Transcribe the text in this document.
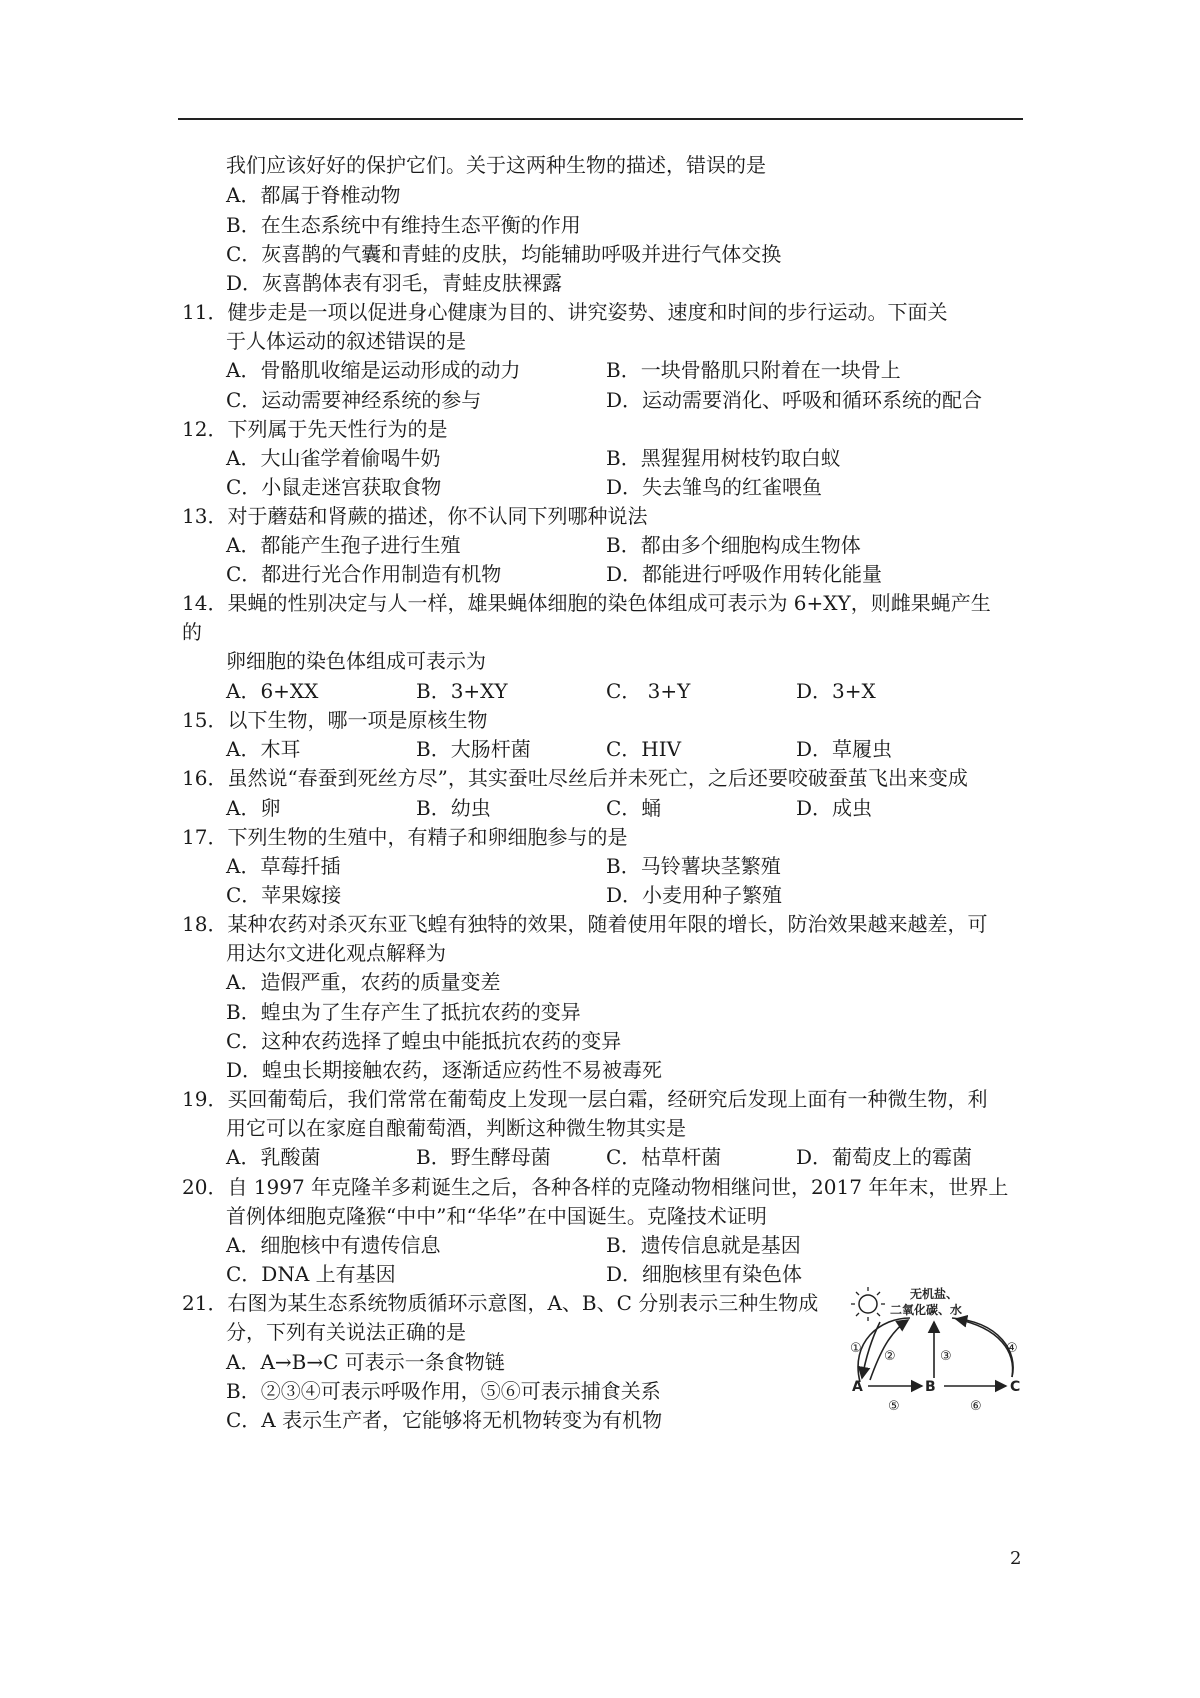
我们应该好好的保护它们。关于这两种生物的描述，错误的是
A．都属于脊椎动物
B．在生态系统中有维持生态平衡的作用
C．灰喜鹊的气囊和青蛙的皮肤，均能辅助呼吸并进行气体交换
D．灰喜鹊体表有羽毛，青蛙皮肤裸露
11．健步走是一项以促进身心健康为目的、讲究姿势、速度和时间的步行运动。下面关
于人体运动的叙述错误的是
A．骨骼肌收缩是运动形成的动力	B．一块骨骼肌只附着在一块骨上
C．运动需要神经系统的参与	D．运动需要消化、呼吸和循环系统的配合
12．下列属于先天性行为的是
A．大山雀学着偷喝牛奶	B．黑猩猩用树枝钓取白蚁
C．小鼠走迷宫获取食物	D．失去雏鸟的红雀喂鱼
13．对于蘑菇和肾蕨的描述，你不认同下列哪种说法
A．都能产生孢子进行生殖	B．都由多个细胞构成生物体
C．都进行光合作用制造有机物	D．都能进行呼吸作用转化能量
14．果蝇的性别决定与人一样，雄果蝇体细胞的染色体组成可表示为 6+XY，则雌果蝇产生
的
卵细胞的染色体组成可表示为
A．6+XX	B．3+XY	C． 3+Y	D．3+X
15．以下生物，哪一项是原核生物
A．木耳	B．大肠杆菌	C．HIV	D．草履虫
16．虽然说“春蚕到死丝方尽”，其实蚕吐尽丝后并未死亡，之后还要咬破蚕茧飞出来变成
A．卵	B．幼虫	C．蛹	D．成虫
17．下列生物的生殖中，有精子和卵细胞参与的是
A．草莓扦插	B．马铃薯块茎繁殖
C．苹果嫁接	D．小麦用种子繁殖
18．某种农药对杀灭东亚飞蝗有独特的效果，随着使用年限的增长，防治效果越来越差，可
用达尔文进化观点解释为
A．造假严重，农药的质量变差
B．蝗虫为了生存产生了抵抗农药的变异
C．这种农药选择了蝗虫中能抵抗农药的变异
D．蝗虫长期接触农药，逐渐适应药性不易被毒死
19．买回葡萄后，我们常常在葡萄皮上发现一层白霜，经研究后发现上面有一种微生物，利
用它可以在家庭自酿葡萄酒，判断这种微生物其实是
A．乳酸菌	B．野生酵母菌	C．枯草杆菌	D．葡萄皮上的霉菌
20．自 1997 年克隆羊多莉诞生之后，各种各样的克隆动物相继问世，2017 年年末，世界上
首例体细胞克隆猴“中中”和“华华”在中国诞生。克隆技术证明
A．细胞核中有遗传信息	B．遗传信息就是基因
C．DNA 上有基因	D．细胞核里有染色体
21．右图为某生态系统物质循环示意图，A、B、C 分别表示三种生物成
分，下列有关说法正确的是
A．A→B→C 可表示一条食物链
B．②③④可表示呼吸作用，⑤⑥可表示捕食关系
C．A 表示生产者，它能够将无机物转变为有机物
无机盐、
二氧化碳、水
A	B	C
①
②	③
④
⑤	⑥
2
